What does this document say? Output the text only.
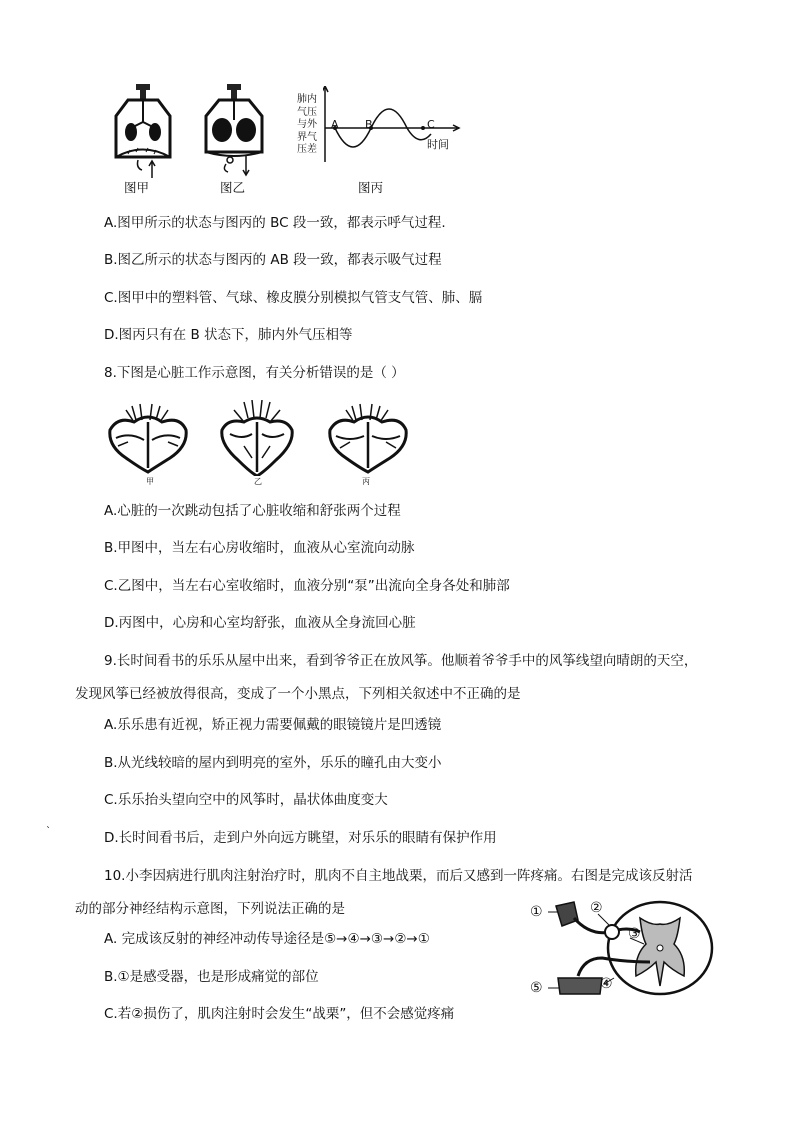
图甲	图乙
肺内
气压
与外
界气
压差
A B	C
时间
图丙
A.图甲所示的状态与图丙的 BC 段一致，都表示呼气过程.
B.图乙所示的状态与图丙的 AB 段一致，都表示吸气过程
C.图甲中的塑料管、气球、橡皮膜分别模拟气管支气管、肺、膈
D.图丙只有在 B 状态下，肺内外气压相等
8.下图是心脏工作示意图，有关分析错误的是（ ）
甲	乙	丙
A.心脏的一次跳动包括了心脏收缩和舒张两个过程
B.甲图中，当左右心房收缩时，血液从心室流向动脉
C.乙图中，当左右心室收缩时，血液分别“泵”出流向全身各处和肺部
D.丙图中，心房和心室均舒张，血液从全身流回心脏
9.长时间看书的乐乐从屋中出来，看到爷爷正在放风筝。他顺着爷爷手中的风筝线望向晴朗的天空，
发现风筝已经被放得很高，变成了一个小黑点，下列相关叙述中不正确的是
A.乐乐患有近视，矫正视力需要佩戴的眼镜镜片是凹透镜
B.从光线较暗的屋内到明亮的室外，乐乐的瞳孔由大变小
C.乐乐抬头望向空中的风筝时，晶状体曲度变大
ˋ	D.长时间看书后，走到户外向远方眺望，对乐乐的眼睛有保护作用
10.小李因病进行肌肉注射治疗时，肌肉不自主地战栗，而后又感到一阵疼痛。右图是完成该反射活
动的部分神经结构示意图，下列说法正确的是
A. 完成该反射的神经冲动传导途径是⑤→④→③→②→①
B.①是感受器，也是形成痛觉的部位
C.若②损伤了，肌肉注射时会发生“战栗”，但不会感觉疼痛
①	②
③
④
⑤
